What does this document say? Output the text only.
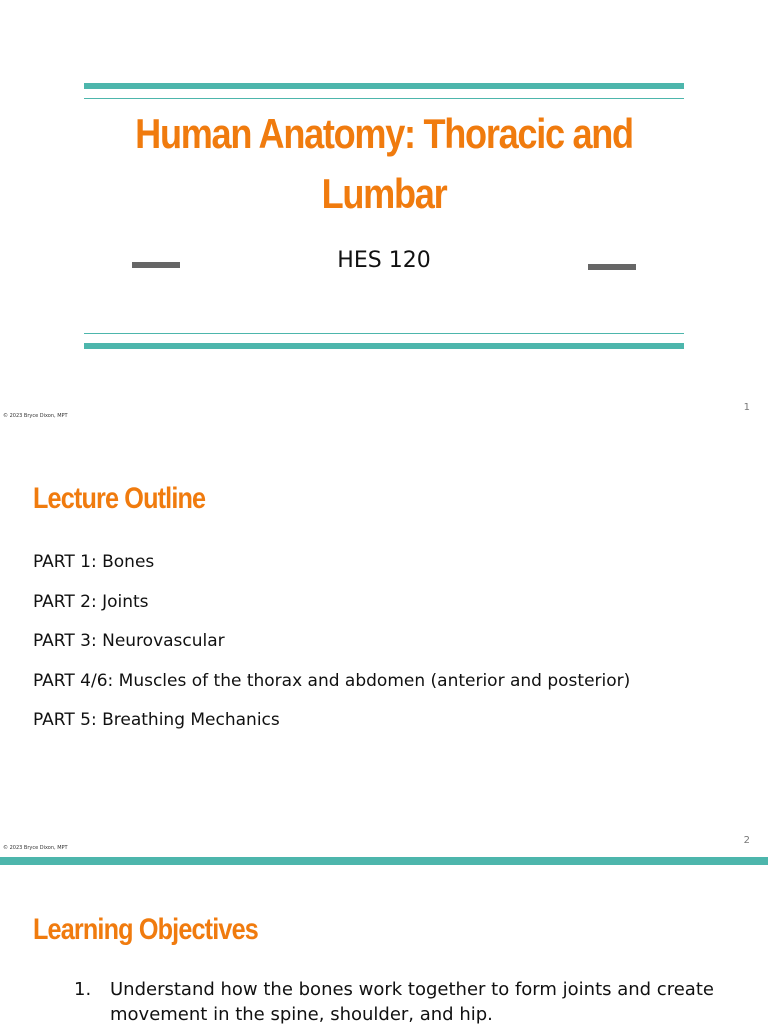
Human Anatomy: Thoracic and Lumbar
HES 120
© 2023 Bryce Dixon, MPT
1
Lecture Outline
PART 1: Bones
PART 2: Joints
PART 3: Neurovascular
PART 4/6: Muscles of the thorax and abdomen (anterior and posterior)
PART 5: Breathing Mechanics
© 2023 Bryce Dixon, MPT
2
Learning Objectives
1. Understand how the bones work together to form joints and create movement in the spine, shoulder, and hip.
